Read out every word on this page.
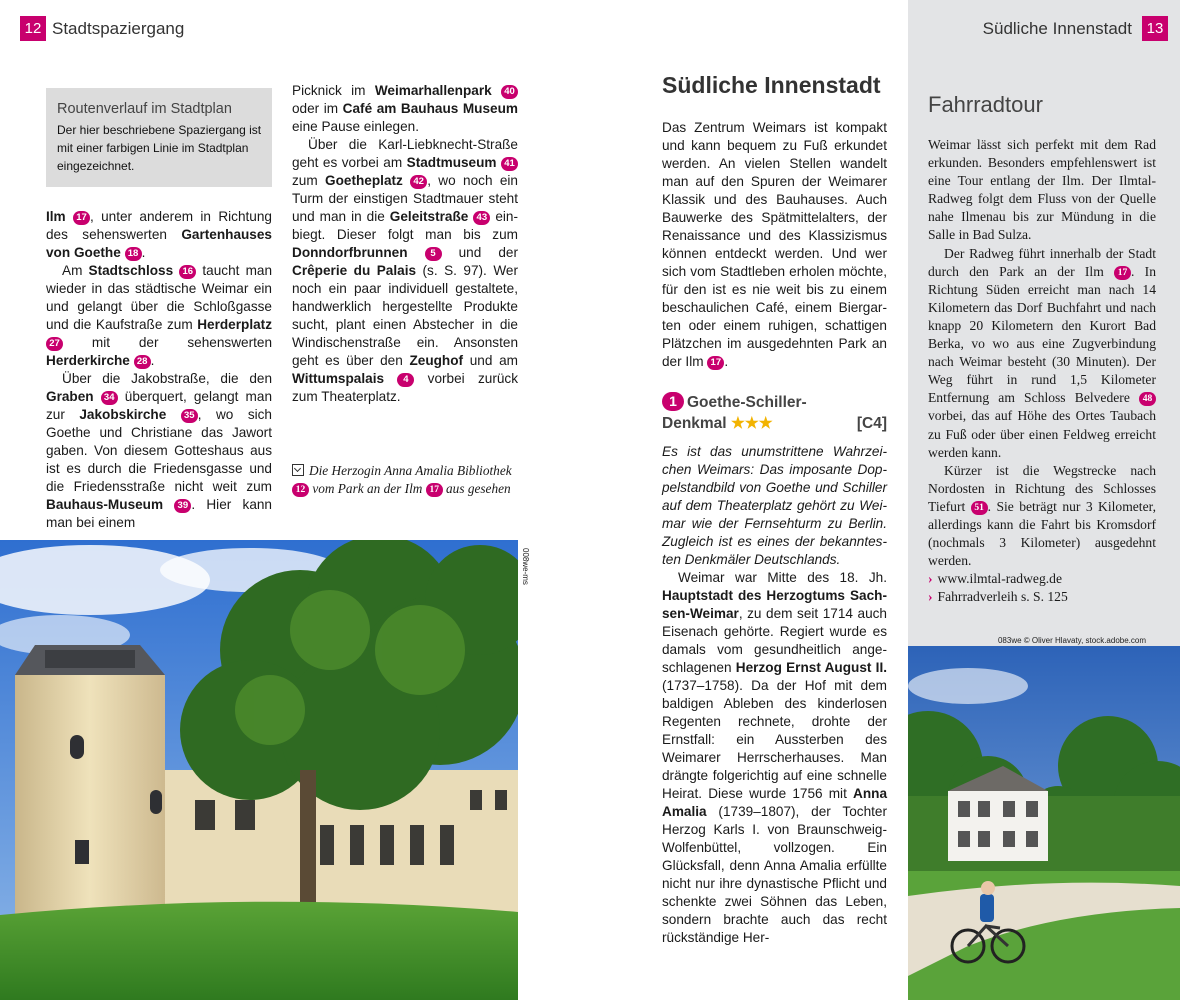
12 Stadtspaziergang
Routenverlauf im Stadtplan
Der hier beschriebene Spaziergang ist mit einer farbigen Linie im Stadtplan eingezeichnet.

Ilm 17 , unter anderem in Richtung des sehenswerten Gartenhauses von Goethe 18 .

Am Stadtschloss 16 taucht man wieder in das städtische Weimar ein und gelangt über die Schloßgasse und die Kaufstraße zum Herderplatz 27 mit der sehenswerten Herderkirche 28 .

Über die Jakobstraße, die den Graben 34 überquert, gelangt man zur Jakobskirche 35 , wo sich Goethe und Christiane das Jawort gaben. Von diesem Gotteshaus aus ist es durch die Friedensgasse und die Friedensstraße nicht weit zum Bauhaus-Museum 39 . Hier kann man bei einem

Picknick im Weimarhallenpark 40 oder im Café am Bauhaus Museum eine Pause einlegen.

Über die Karl-Liebknecht-Straße geht es vorbei am Stadtmuseum 41 zum Goetheplatz 42 , wo noch ein Turm der einstigen Stadtmauer steht und man in die Geleitstraße 43 einbiegt. Dieser folgt man bis zum Donndorfbrunnen 5 und der Crêperie du Palais (s. S. 97). Wer noch ein paar individuell gestaltete, handwerklich hergestellte Produkte sucht, plant einen Abstecher in die Windischenstraße ein. Ansonsten geht es über den Zeughof und am Wittumspalais 4 vorbei zurück zum Theaterplatz.

Die Herzogin Anna Amalia Bibliothek 12 vom Park an der Ilm 17 aus gesehen
008we-ms
Südliche Innenstadt

Das Zentrum Weimars ist kompakt und kann bequem zu Fuß erkundet werden. An vielen Stellen wandelt man auf den Spuren der Weimarer Klassik und des Bauhauses. Auch Bauwerke des Spätmittelalters, der Renaissance und des Klassizismus können entdeckt werden. Und wer sich vom Stadtleben erholen möchte, für den ist es nie weit bis zu einem beschaulichen Café, einem Biergarten oder einem ruhigen, schattigen Plätzchen im ausgedehnten Park an der Ilm 17 .

1 Goethe-Schiller-
Denkmal ★★★	[C4]

Es ist das unumstrittene Wahrzeichen Weimars: Das imposante Doppelstandbild von Goethe und Schiller auf dem Theaterplatz gehört zu Weimar wie der Fernsehturm zu Berlin. Zugleich ist es eines der bekanntesten Denkmäler Deutschlands.

Weimar war Mitte des 18. Jh. Hauptstadt des Herzogtums Sachsen-Weimar, zu dem seit 1714 auch Eisenach gehörte. Regiert wurde es damals vom gesundheitlich angeschlagenen Herzog Ernst August II. (1737–1758). Da der Hof mit dem baldigen Ableben des kinderlosen Regenten rechnete, drohte der Ernstfall: ein Aussterben des Weimarer Herrscherhauses. Man drängte folgerichtig auf eine schnelle Heirat. Diese wurde 1756 mit Anna Amalia (1739–1807), der Tochter Herzog Karls I. von Braunschweig-Wolfenbüttel, vollzogen. Ein Glücksfall, denn Anna Amalia erfüllte nicht nur ihre dynastische Pflicht und schenkte zwei Söhnen das Leben, sondern brachte auch das recht rückständige Her-

Südliche Innenstadt 13
Fahrradtour

Weimar lässt sich perfekt mit dem Rad erkunden. Besonders empfehlenswert ist eine Tour entlang der Ilm. Der Ilmtal-Radweg folgt dem Fluss von der Quelle nahe Ilmenau bis zur Mündung in die Salle in Bad Sulza.

Der Radweg führt innerhalb der Stadt durch den Park an der Ilm 17 . In Richtung Süden erreicht man nach 14 Kilometern das Dorf Buchfahrt und nach knapp 20 Kilometern den Kurort Bad Berka, vo wo aus eine Zugverbindung nach Weimar besteht (30 Minuten). Der Weg führt in rund 1,5 Kilometer Entfernung am Schloss Belvedere 48 vorbei, das auf Höhe des Ortes Taubach zu Fuß oder über einen Feldweg erreicht werden kann.

Kürzer ist die Wegstrecke nach Nordosten in Richtung des Schlosses Tiefurt 51 . Sie beträgt nur 3 Kilometer, allerdings kann die Fahrt bis Kromsdorf (nochmals 3 Kilometer) ausgedehnt werden.

› www.ilmtal-radweg.de

› Fahrradverleih s. S. 125

083we © Oliver Hlavaty, stock.adobe.com
